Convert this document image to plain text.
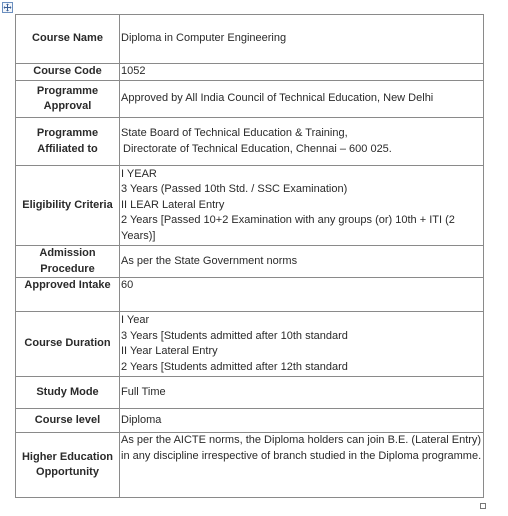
Course Name	Diploma in Computer Engineering
Course Code	1052
Programme Approval	Approved by All India Council of Technical Education, New Delhi
Programme Affiliated to	State Board of Technical Education & Training,
Directorate of Technical Education, Chennai – 600 025.

Eligibility Criteria	I YEAR
3 Years (Passed 10th Std. / SSC Examination)
II LEAR Lateral Entry
2 Years [Passed 10+2 Examination with any groups (or) 10th + ITI (2 Years)]

Admission Procedure	As per the State Government norms
Approved Intake	60
Course Duration	I Year
3 Years [Students admitted after 10th standard
II Year Lateral Entry
2 Years [Students admitted after 12th standard

Study Mode	Full Time
Course level	Diploma
Higher Education Opportunity	As per the AICTE norms, the Diploma holders can join B.E. (Lateral Entry) in any discipline irrespective of branch studied in the Diploma programme.
